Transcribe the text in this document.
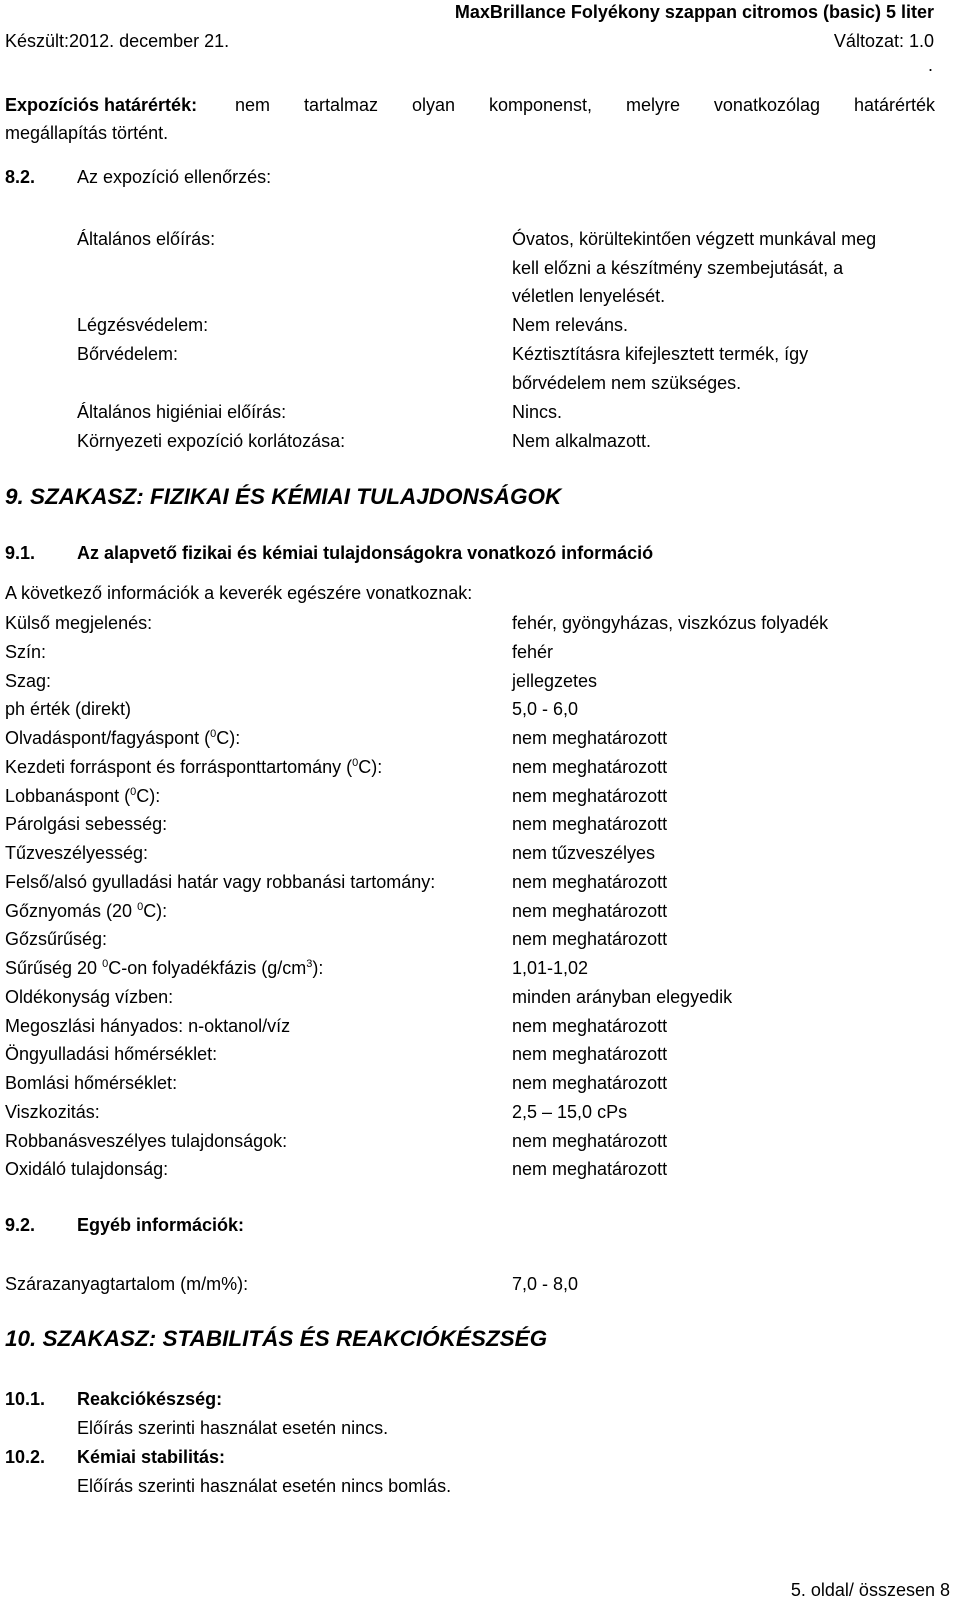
MaxBrillance Folyékony szappan citromos (basic) 5 liter
Készült:2012. december 21.	Változat: 1.0
.
Expozíciós határérték: nem tartalmaz olyan komponenst, melyre vonatkozólag határérték
megállapítás történt.
8.2. Az expozíció ellenőrzés:
Általános előírás:	Óvatos, körültekintően végzett munkával meg
kell előzni a készítmény szembejutását, a
véletlen lenyelését.
Légzésvédelem:	Nem releváns.
Bőrvédelem:	Kéztisztításra kifejlesztett termék, így
bőrvédelem nem szükséges.
Általános higiéniai előírás:	Nincs.
Környezeti expozíció korlátozása:	Nem alkalmazott.
9. SZAKASZ: FIZIKAI ÉS KÉMIAI TULAJDONSÁGOK
9.1. Az alapvető fizikai és kémiai tulajdonságokra vonatkozó információ
A következő információk a keverék egészére vonatkoznak:
Külső megjelenés:	fehér, gyöngyházas, viszkózus folyadék
Szín:	fehér
Szag:	jellegzetes
ph érték (direkt)	5,0 - 6,0
Olvadáspont/fagyáspont ($^0$C):	nem meghatározott
Kezdeti forráspont és forrásponttartomány ($^0$C):	nem meghatározott
Lobbanáspont ($^0$C):	nem meghatározott
Párolgási sebesség:	nem meghatározott
Tűzveszélyesség:	nem tűzveszélyes
Felső/alsó gyulladási határ vagy robbanási tartomány:	nem meghatározott
Gőznyomás (20 $^0$C):	nem meghatározott
Gőzsűrűség:	nem meghatározott
Sűrűség 20 $^0$C-on folyadékfázis $(g/cm^3)$:	1,01-1,02
Oldékonyság vízben:	minden arányban elegyedik
Megoszlási hányados: n-oktanol/víz	nem meghatározott
Öngyulladási hőmérséklet:	nem meghatározott
Bomlási hőmérséklet:	nem meghatározott
Viszkozitás:	2,5 – 15,0 cPs
Robbanásveszélyes tulajdonságok:	nem meghatározott
Oxidáló tulajdonság:	nem meghatározott
9.2. Egyéb információk:
Szárazanyagtartalom (m/m%):	7,0 - 8,0
10. SZAKASZ: STABILITÁS ÉS REAKCIÓKÉSZSÉG
10.1. Reakciókészség:
Előírás szerinti használat esetén nincs.
10.2. Kémiai stabilitás:
Előírás szerinti használat esetén nincs bomlás.
5. oldal/ összesen 8
